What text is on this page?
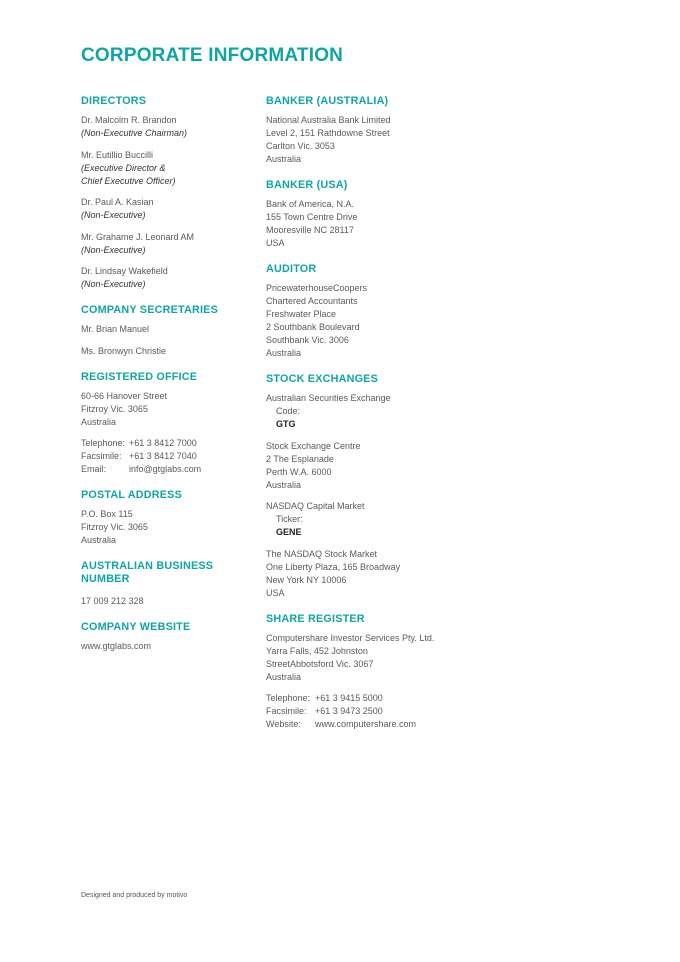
CORPORATE INFORMATION
DIRECTORS

Dr. Malcolm R. Brandon
(Non-Executive Chairman)

Mr. Eutillio Buccilli
(Executive Director &
Chief Executive Officer)

Dr. Paul A. Kasian
(Non-Executive)

Mr. Grahame J. Leonard AM
(Non-Executive)

Dr. Lindsay Wakefield
(Non-Executive)

COMPANY SECRETARIES

Mr. Brian Manuel

Ms. Bronwyn Christie

REGISTERED OFFICE

60-66 Hanover Street
Fitzroy Vic. 3065
Australia

Telephone: +61 3 8412 7000
Facsimile: +61 3 8412 7040
Email:	info@gtglabs.com

POSTAL ADDRESS

P.O. Box 115
Fitzroy Vic. 3065
Australia

AUSTRALIAN BUSINESS
NUMBER

17 009 212 328

COMPANY WEBSITE

www.gtglabs.com

BANKER (AUSTRALIA)

National Australia Bank Limited
Level 2, 151 Rathdowne Street
Carlton Vic. 3053
Australia

BANKER (USA)

Bank of America, N.A.
155 Town Centre Drive
Mooresville NC 28117
USA

AUDITOR

PricewaterhouseCoopers
Chartered Accountants
Freshwater Place
2 Southbank Boulevard
Southbank Vic. 3006
Australia

STOCK EXCHANGES

Australian Securities Exchange
Code:
GTG

Stock Exchange Centre
2 The Esplanade
Perth W.A. 6000
Australia

NASDAQ Capital Market
Ticker:
GENE

The NASDAQ Stock Market
One Liberty Plaza, 165 Broadway
New York NY 10006
USA

SHARE REGISTER

Computershare Investor Services Pty. Ltd.
Yarra Falls, 452 Johnston
StreetAbbotsford Vic. 3067
Australia

Telephone: +61 3 9415 5000
Facsimile: +61 3 9473 2500
Website: www.computershare.com

Designed and produced by motivo
